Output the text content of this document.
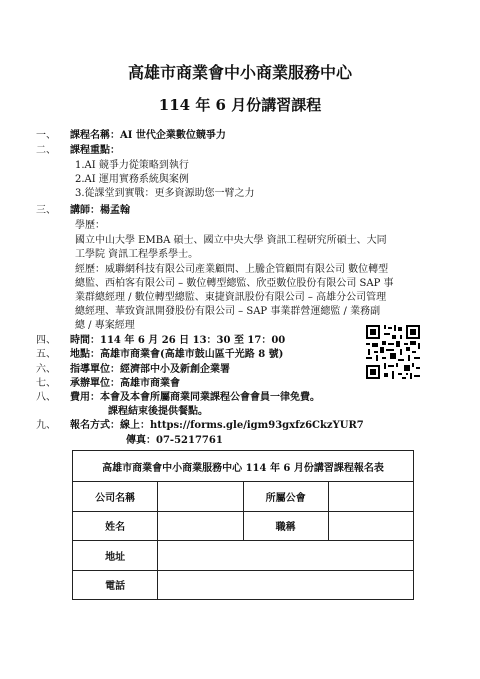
高雄市商業會中小商業服務中心
114 年 6 月份講習課程
一、	課程名稱：AI 世代企業數位競爭力
二、	課程重點：
1.AI 競爭力從策略到執行
2.AI 運用實務系統與案例
3.從課堂到實戰：更多資源助您一臂之力
三、	講師：楊孟翰
學歷：
國立中山大學 EMBA 碩士、國立中央大學 資訊工程研究所碩士、大同
工學院 資訊工程學系學士。
經歷：威聯網科技有限公司產業顧問、上騰企管顧問有限公司 數位轉型
總監、西柏客有限公司 – 數位轉型總監、欣亞數位股份有限公司 SAP 事
業群總經理 / 數位轉型總監、東捷資訊股份有限公司 – 高雄分公司管理
總經理、華致資訊開發股份有限公司 – SAP 事業群營運總監 / 業務副
總 / 專案經理
四、	時間：114 年 6 月 26 日 13：30 至 17：00
五、	地點：高雄市商業會(高雄市鼓山區千光路 8 號)
六、	指導單位：經濟部中小及新創企業署
七、	承辦單位：高雄市商業會
八、	費用：本會及本會所屬商業同業課程公會會員一律免費。
課程結束後提供餐點。
九、	報名方式：線上：https://forms.gle/igm93gxfz6CkzYUR7
傳真：07-5217761
高雄市商業會中小商業服務中心 114 年 6 月份講習課程報名表			
公司名稱		所屬公會	
姓名		職稱	
地址			
電話			
